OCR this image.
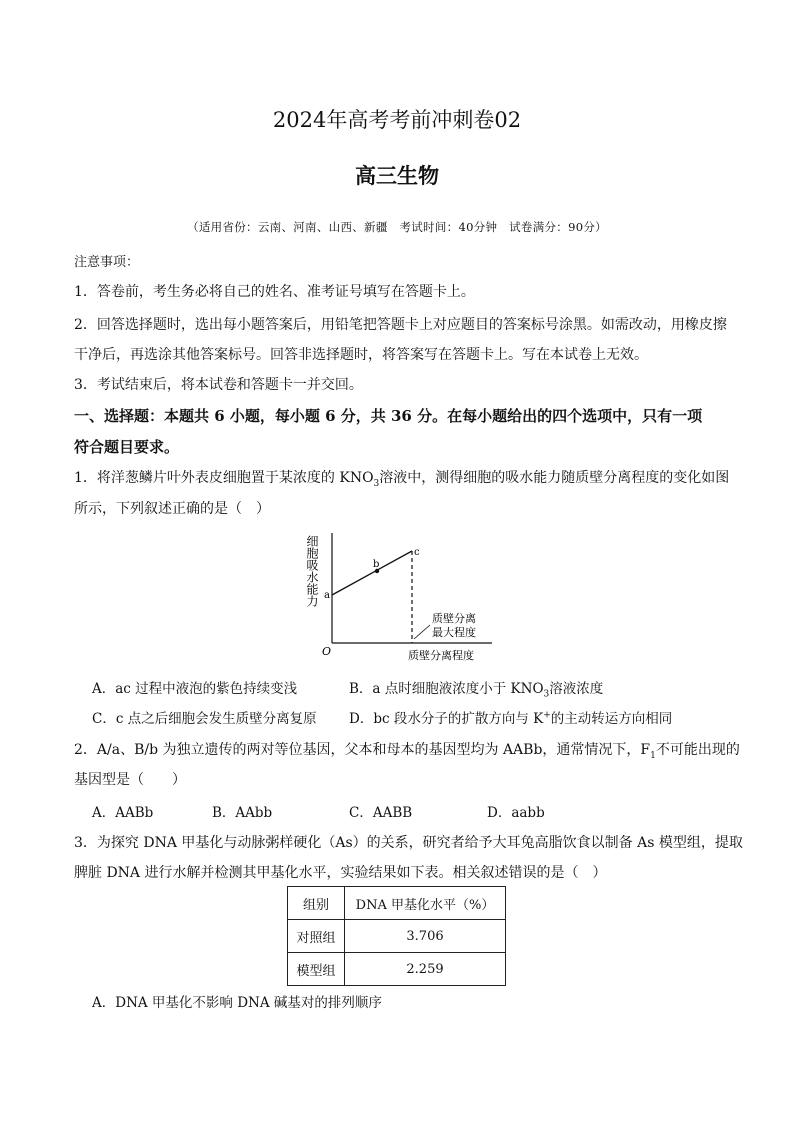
2024年高考考前冲刺卷02
高三生物
（适用省份：云南、河南、山西、新疆　考试时间：40分钟　试卷满分：90分）
注意事项：
1．答卷前，考生务必将自己的姓名、准考证号填写在答题卡上。
2．回答选择题时，选出每小题答案后，用铅笔把答题卡上对应题目的答案标号涂黑。如需改动，用橡皮擦
干净后，再选涂其他答案标号。回答非选择题时，将答案写在答题卡上。写在本试卷上无效。
3．考试结束后，将本试卷和答题卡一并交回。
一、选择题：本题共 6 小题，每小题 6 分，共 36 分。在每小题给出的四个选项中，只有一项
符合题目要求。
1．将洋葱鳞片叶外表皮细胞置于某浓度的 $KNO_3$溶液中，测得细胞的吸水能力随质壁分离程度的变化如图
所示，下列叙述正确的是（　）
细胞吸水能力
O
a
b
c
质壁分离
最大程度
质壁分离程度
A．ac 过程中液泡的紫色持续变浅	B．a 点时细胞液浓度小于 $KNO_3$溶液浓度
C．c 点之后细胞会发生质壁分离复原 D．bc 段水分子的扩散方向与 K+的主动转运方向相同
2．A/a、B/b 为独立遗传的两对等位基因，父本和母本的基因型均为 AABb，通常情况下，$F_1$不可能出现的
基因型是（　　）
A．AABb	B．AAbb	C．AABB	D．aabb
3．为探究 DNA 甲基化与动脉粥样硬化（As）的关系，研究者给予大耳兔高脂饮食以制备 As 模型组，提取
脾脏 DNA 进行水解并检测其甲基化水平，实验结果如下表。相关叙述错误的是（　）
组别	DNA 甲基化水平（%）
对照组	3.706
模型组	2.259
A．DNA 甲基化不影响 DNA 碱基对的排列顺序
